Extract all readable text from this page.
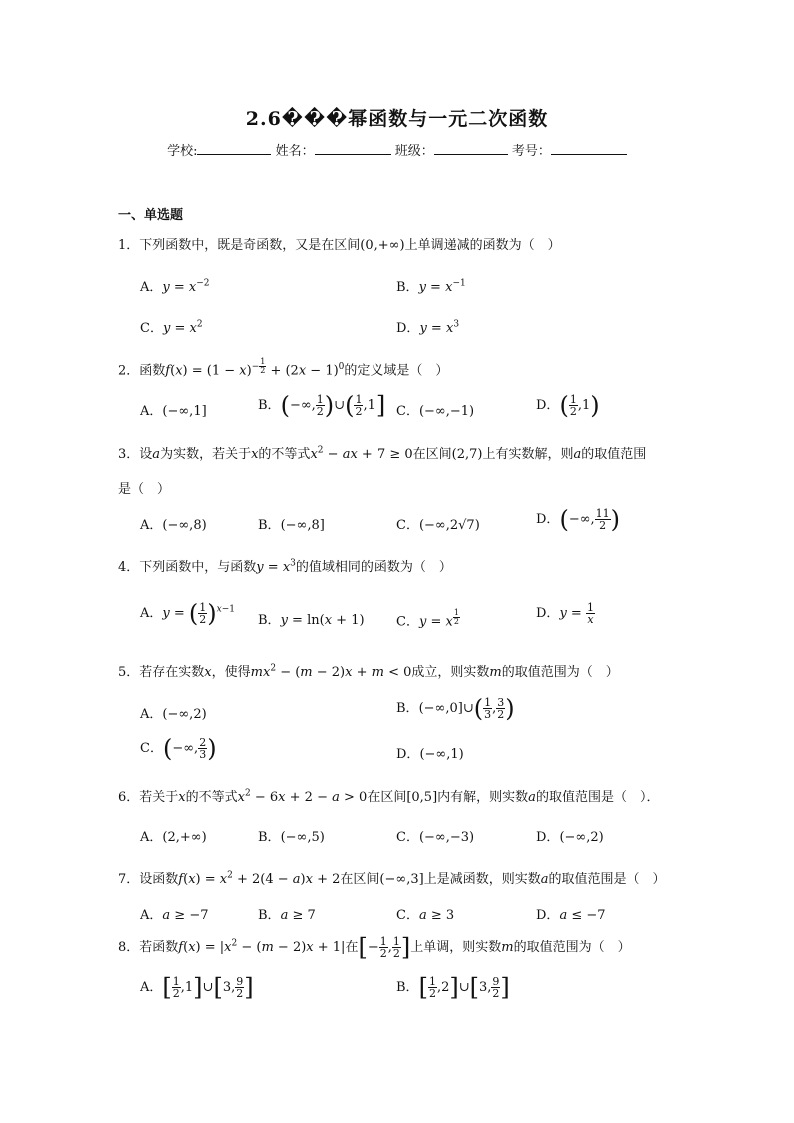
2.6���幂函数与一元二次函数
学校:	姓名：	班级：	考号：
一、单选题
1．下列函数中，既是奇函数，又是在区间(0,+∞)上单调递减的函数为（　）
A．$y = x^{-2}$	B．$y = x^{-1}$
C．$y = x^2$	D．$y = x^3$
2．函数$f(x) = (1 - x)^{- \frac{1}{2}} + (2x - 1)^0$的定义域是（　）
A．(−∞,1]	B．(−∞, $\frac{1}{2}$ )∪( $\frac{1}{2} ,1$] C．(−∞,−1)	D．( $\frac{1}{2} ,1$)
3．设a为实数，若关于x的不等式$x^2$ − ax + 7 ≥ 0在区间(2,7)上有实数解，则a的取值范围
是（　）
A．(−∞,8)	B．(−∞,8]	C．(−∞,2√7)	D．(−∞, $\frac{11}{2}$ )
4．下列函数中，与函数$y = x^3$的值域相同的函数为（　）
A．y = ( $\frac{1}{2} )^{x-1}$
B．y = ln(x + 1) C．y = x $^{\frac{1}{2}}$	D．$y = \frac{1}{x}$
5．若存在实数x，使得$mx^2 - (m - 2)x + m < 0$成立，则实数m的取值范围为（　）
A．(−∞,2)	B．(−∞,0]∪( $\frac{1}{3}$ , $\frac{3}{2}$ )
C．(−∞, $\frac{2}{3}$ )	D．(−∞,1)
6．若关于x的不等式$x^2 - 6x + 2 - a > 0$在区间[0,5]内有解，则实数a的取值范围是（　）．
A．(2,+∞)	B．(−∞,5)	C．(−∞,−3)	D．(−∞,2)
7．设函数$f(x) = x^2 + 2(4 - a)x + 2$在区间(−∞,3]上是减函数，则实数a的取值范围是（　）
A．a ≥ −7	B．a ≥ 7	C．a ≥ 3	D．a ≤ −7
8．若函数$f(x) = |x^2 - (m - 2)x + 1|$在[− $\frac{1}{2}$ , $\frac{1}{2}$ ]上单调，则实数m的取值范围为（　）
A．[ $\frac{1}{2}$ ,1]∪[3, $\frac{9}{2}$ ]	B．[ $\frac{1}{2}$ ,2]∪[3, $\frac{9}{2}$ ]
